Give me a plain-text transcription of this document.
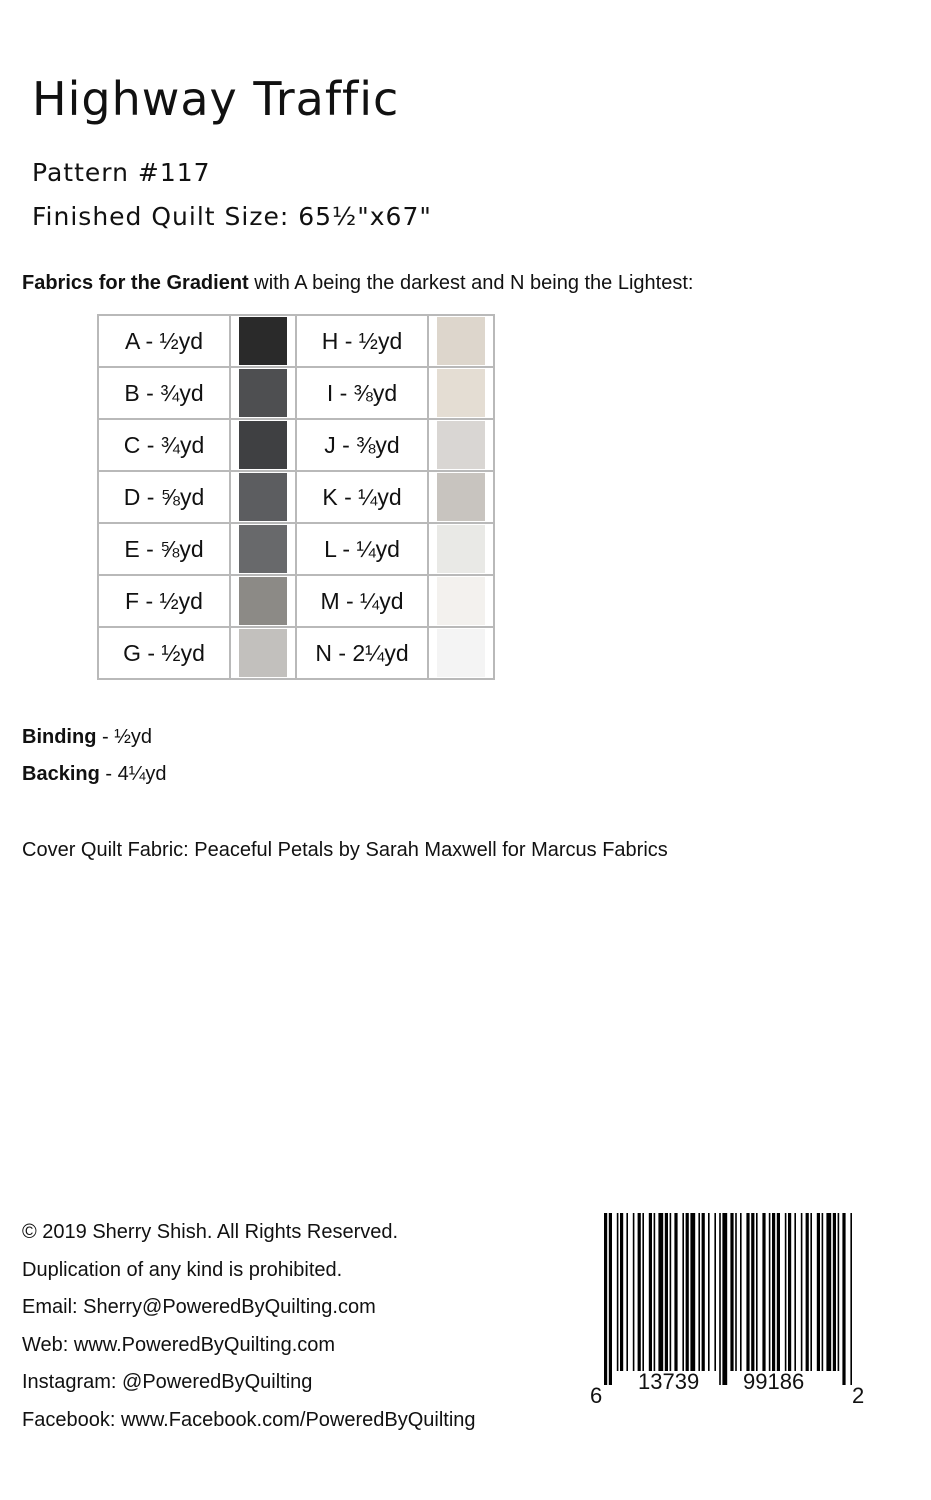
Highway Traffic
Pattern #117
Finished Quilt Size: 65½"x67"
Fabrics for the Gradient with A being the darkest and N being the Lightest:
A - ½yd		H - ½yd	

B - ¾yd		I - ⅜yd	

C - ¾yd		J - ⅜yd	

D - ⅝yd		K - ¼yd	

E - ⅝yd		L - ¼yd	

F - ½yd		M - ¼yd	

G - ½yd		N - 2¼yd	
Binding - ½yd
Backing - 4¼yd
Cover Quilt Fabric: Peaceful Petals by Sarah Maxwell for Marcus Fabrics
© 2019 Sherry Shish. All Rights Reserved.
Duplication of any kind is prohibited.
Email: Sherry@PoweredByQuilting.com
Web: www.PoweredByQuilting.com
Instagram: @PoweredByQuilting
Facebook: www.Facebook.com/PoweredByQuilting
6
13739 99186
2
